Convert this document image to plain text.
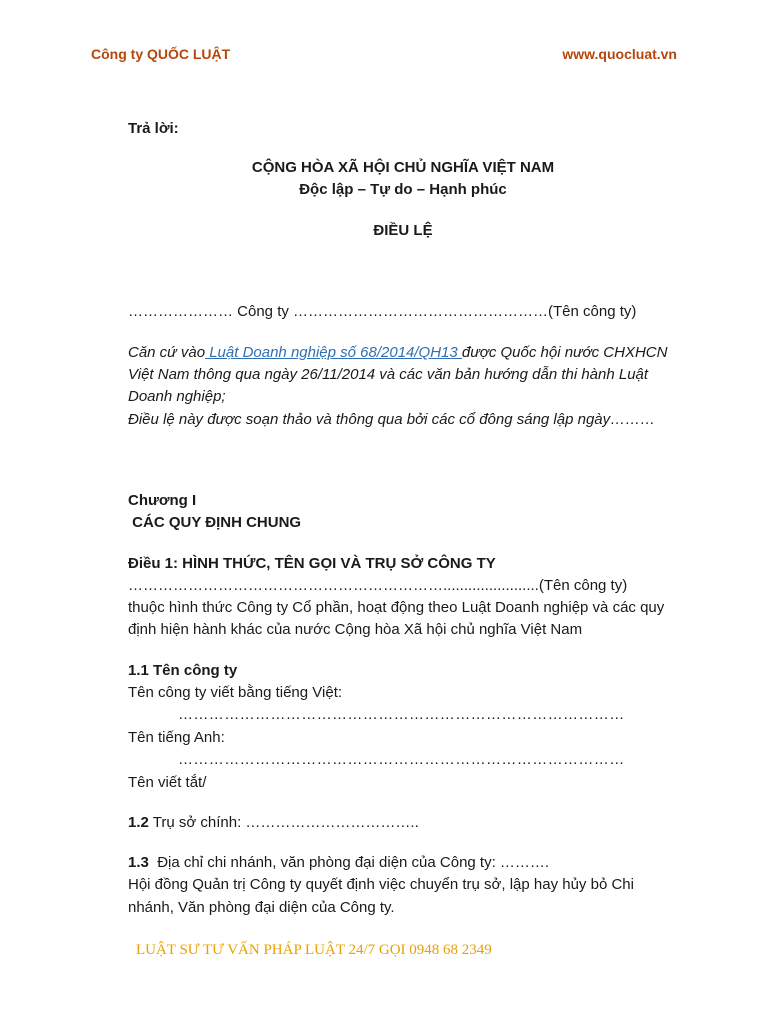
Công ty QUỐC LUẬT	www.quocluat.vn
Trả lời:
CỘNG HÒA XÃ HỘI CHỦ NGHĨA VIỆT NAM
Độc lập – Tự do – Hạnh phúc
ĐIỀU LỆ
………………… Công ty ……………………………………………(Tên công ty)
Căn cứ vào Luật Doanh nghiệp số 68/2014/QH13 được Quốc hội nước CHXHCN
Việt Nam thông qua ngày 26/11/2014 và các văn bản hướng dẫn thi hành Luật
Doanh nghiệp;
Điều lệ này được soạn thảo và thông qua bởi các cổ đông sáng lập ngày………
Chương I
CÁC QUY ĐỊNH CHUNG
Điều 1: HÌNH THỨC, TÊN GỌI VÀ TRỤ SỞ CÔNG TY
……………………………………………………….......................(Tên công ty)
thuộc hình thức Công ty Cổ phần, hoạt động theo Luật Doanh nghiệp và các quy
định hiện hành khác của nước Cộng hòa Xã hội chủ nghĩa Việt Nam
1.1 Tên công ty
Tên công ty viết bằng tiếng Việt:
……………………………………………………………………………
Tên tiếng Anh:
……………………………………………………………………………
Tên viết tắt/
1.2 Trụ sở chính: ……………………………..
1.3  Địa chỉ chi nhánh, văn phòng đại diện của Công ty: ……….
Hội đồng Quản trị Công ty quyết định việc chuyển trụ sở, lập hay hủy bỏ Chi
nhánh, Văn phòng đại diện của Công ty.
LUẬT SƯ TƯ VẤN PHÁP LUẬT 24/7 GỌI 0948 68 2349
